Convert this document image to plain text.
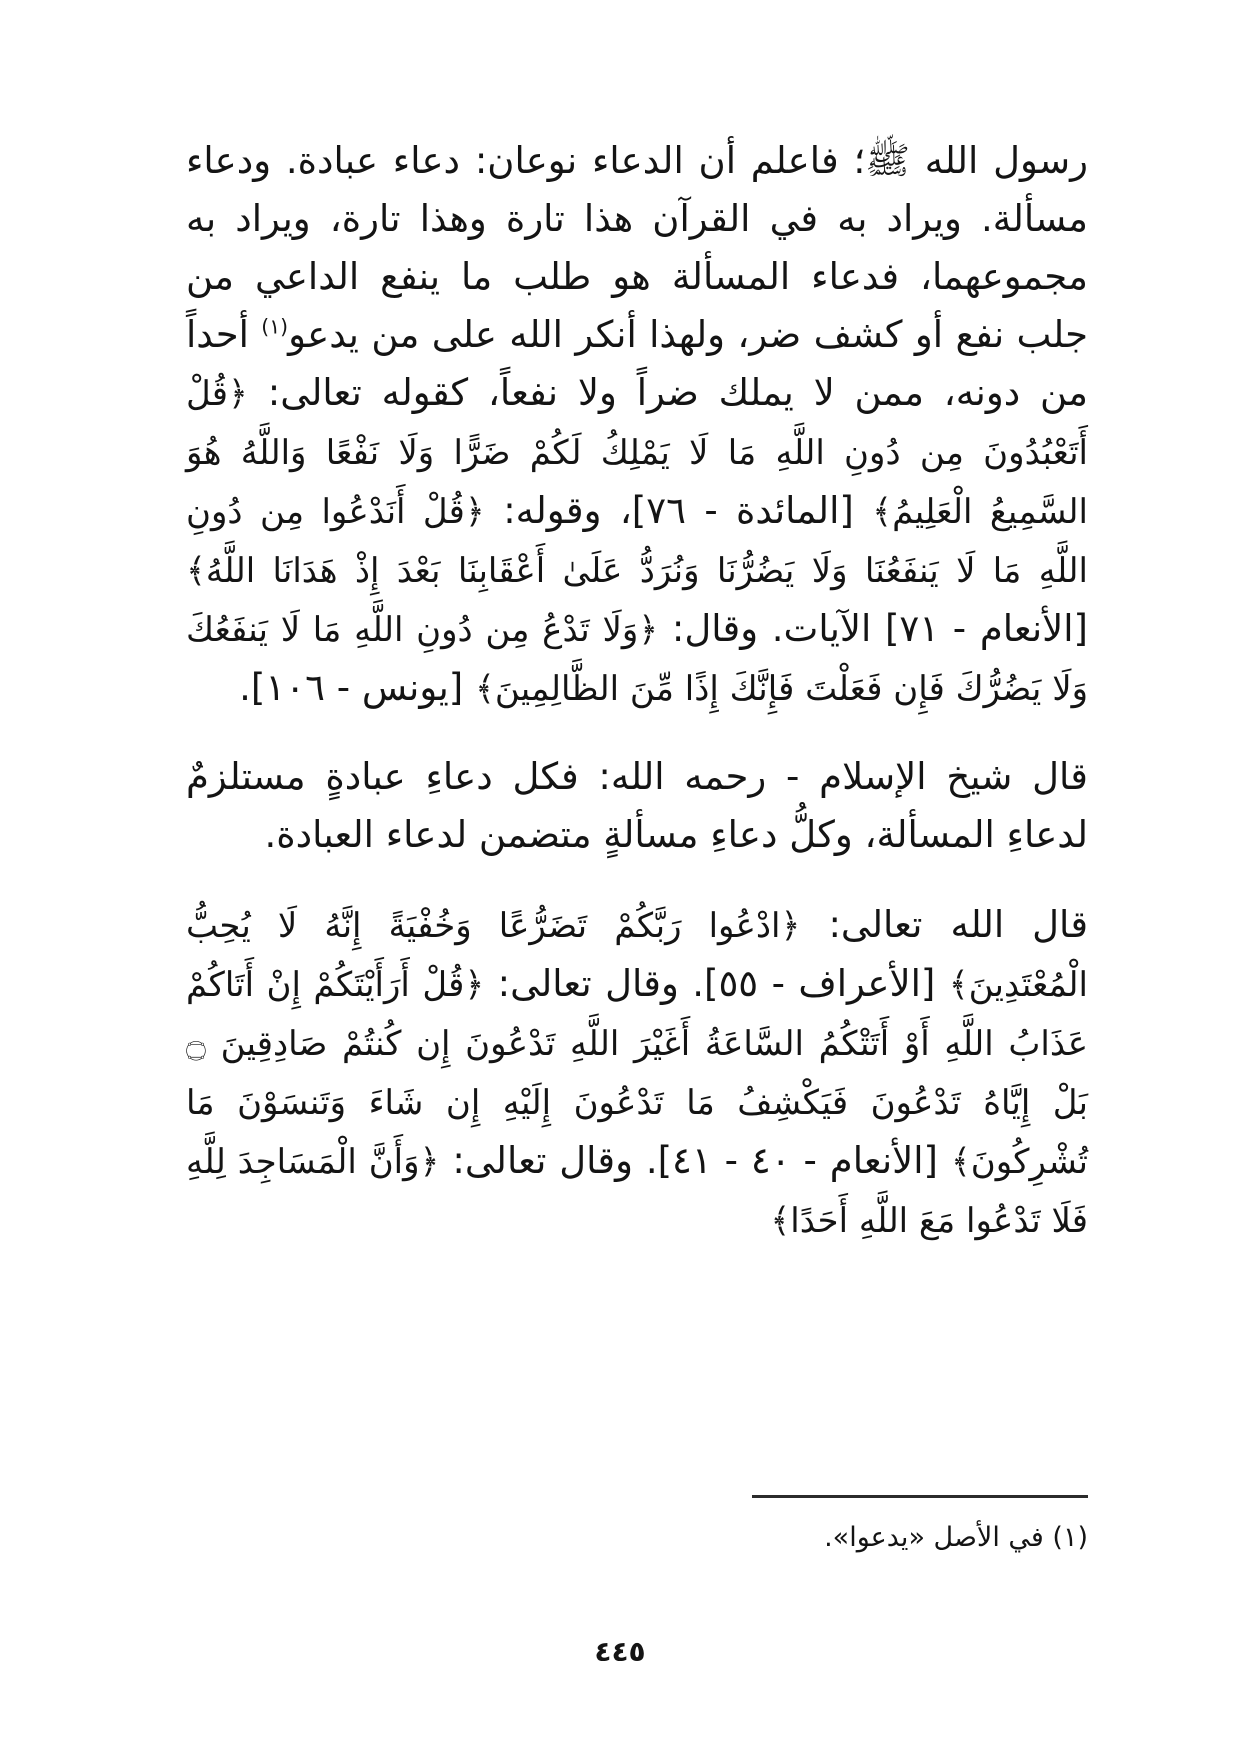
رسول الله ﷺ؛ فاعلم أن الدعاء نوعان: دعاء عبادة. ودعاء مسألة. ويراد به في القرآن هذا تارة وهذا تارة، ويراد به مجموعهما، فدعاء المسألة هو طلب ما ينفع الداعي من جلب نفع أو كشف ضر، ولهذا أنكر الله على من يدعو$^{(١)}$ أحداً من دونه، ممن لا يملك ضراً ولا نفعاً، كقوله تعالى: ﴿قُلْ أَتَعْبُدُونَ مِن دُونِ اللَّهِ مَا لَا يَمْلِكُ لَكُمْ ضَرًّا وَلَا نَفْعًا وَاللَّهُ هُوَ السَّمِيعُ الْعَلِيمُ﴾ [المائدة - ٧٦]، وقوله: ﴿قُلْ أَنَدْعُوا مِن دُونِ اللَّهِ مَا لَا يَنفَعُنَا وَلَا يَضُرُّنَا وَنُرَدُّ عَلَىٰ أَعْقَابِنَا بَعْدَ إِذْ هَدَانَا اللَّهُ﴾ [الأنعام - ٧١] الآيات. وقال: ﴿وَلَا تَدْعُ مِن دُونِ اللَّهِ مَا لَا يَنفَعُكَ وَلَا يَضُرُّكَ فَإِن فَعَلْتَ فَإِنَّكَ إِذًا مِّنَ الظَّالِمِينَ﴾ [يونس - ١٠٦].

قال شيخ الإسلام - رحمه الله: فكل دعاءِ عبادةٍ مستلزمٌ لدعاءِ المسألة، وكلُّ دعاءِ مسألةٍ متضمن لدعاء العبادة.

قال الله تعالى: ﴿ادْعُوا رَبَّكُمْ تَضَرُّعًا وَخُفْيَةً إِنَّهُ لَا يُحِبُّ الْمُعْتَدِينَ﴾ [الأعراف - ٥٥]. وقال تعالى: ﴿قُلْ أَرَأَيْتَكُمْ إِنْ أَتَاكُمْ عَذَابُ اللَّهِ أَوْ أَتَتْكُمُ السَّاعَةُ أَغَيْرَ اللَّهِ تَدْعُونَ إِن كُنتُمْ صَادِقِينَ ۝ بَلْ إِيَّاهُ تَدْعُونَ فَيَكْشِفُ مَا تَدْعُونَ إِلَيْهِ إِن شَاءَ وَتَنسَوْنَ مَا تُشْرِكُونَ﴾ [الأنعام - ٤٠ - ٤١]. وقال تعالى: ﴿وَأَنَّ الْمَسَاجِدَ لِلَّهِ فَلَا تَدْعُوا مَعَ اللَّهِ أَحَدًا﴾

(١) في الأصل «يدعوا».
٤٤٥
